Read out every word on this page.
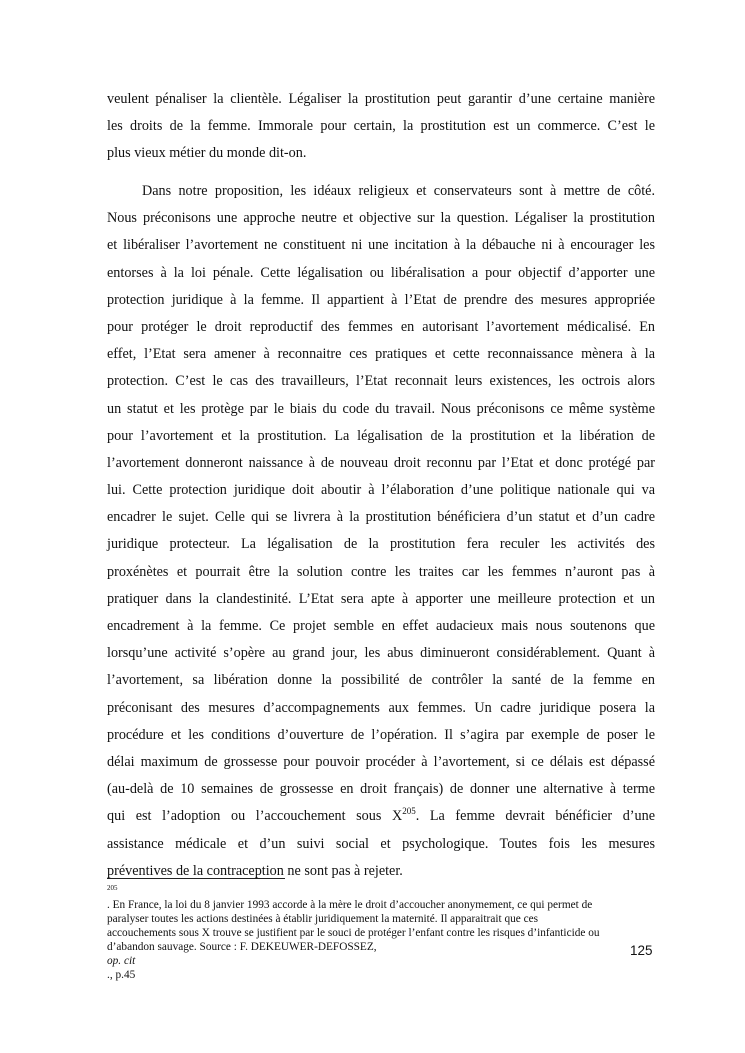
veulent pénaliser la clientèle. Légaliser la prostitution peut garantir d’une certaine manière
les droits de la femme. Immorale pour certain, la prostitution est un commerce. C’est le
plus vieux métier du monde dit-on.
Dans notre proposition, les idéaux religieux et conservateurs sont à mettre de côté.
Nous préconisons une approche neutre et objective sur la question. Légaliser la prostitution
et libéraliser l’avortement ne constituent ni une incitation à la débauche ni à encourager les
entorses à la loi pénale. Cette légalisation ou libéralisation a pour objectif d’apporter une
protection juridique à la femme. Il appartient à l’Etat de prendre des mesures appropriée
pour protéger le droit reproductif des femmes en autorisant l’avortement médicalisé. En
effet, l’Etat sera amener à reconnaitre ces pratiques et cette reconnaissance mènera à la
protection. C’est le cas des travailleurs, l’Etat reconnait leurs existences, les octrois alors
un statut et les protège par le biais du code du travail. Nous préconisons ce même système
pour l’avortement et la prostitution. La légalisation de la prostitution et la libération de
l’avortement donneront naissance à de nouveau droit reconnu par l’Etat et donc protégé par
lui. Cette protection juridique doit aboutir à l’élaboration d’une politique nationale qui va
encadrer le sujet. Celle qui se livrera à la prostitution bénéficiera d’un statut et d’un cadre
juridique protecteur. La légalisation de la prostitution fera reculer les activités des
proxénètes et pourrait être la solution contre les traites car les femmes n’auront pas à
pratiquer dans la clandestinité. L’Etat sera apte à apporter une meilleure protection et un
encadrement à la femme. Ce projet semble en effet audacieux mais nous soutenons que
lorsqu’une activité s’opère au grand jour, les abus diminueront considérablement. Quant à
l’avortement, sa libération donne la possibilité de contrôler la santé de la femme en
préconisant des mesures d’accompagnements aux femmes. Un cadre juridique posera la
procédure et les conditions d’ouverture de l’opération. Il s’agira par exemple de poser le
délai maximum de grossesse pour pouvoir procéder à l’avortement, si ce délais est dépassé
(au-delà de 10 semaines de grossesse en droit français) de donner une alternative à terme
qui est l’adoption ou l’accouchement sous $X^{205}$. La femme devrait bénéficier d’une
assistance médicale et d’un suivi social et psychologique. Toutes fois les mesures
préventives de la contraception ne sont pas à rejeter.
$^{205}$
. En France, la loi du 8 janvier 1993 accorde à la mère le droit d’accoucher anonymement, ce qui permet de
paralyser toutes les actions destinées à établir juridiquement la maternité. Il apparaitrait que ces
accouchements sous X trouve se justifient par le souci de protéger l’enfant contre les risques d’infanticide ou
d’abandon sauvage. Source : F. DEKEUWER-DEFOSSEZ,
op. cit
., p.45
125
